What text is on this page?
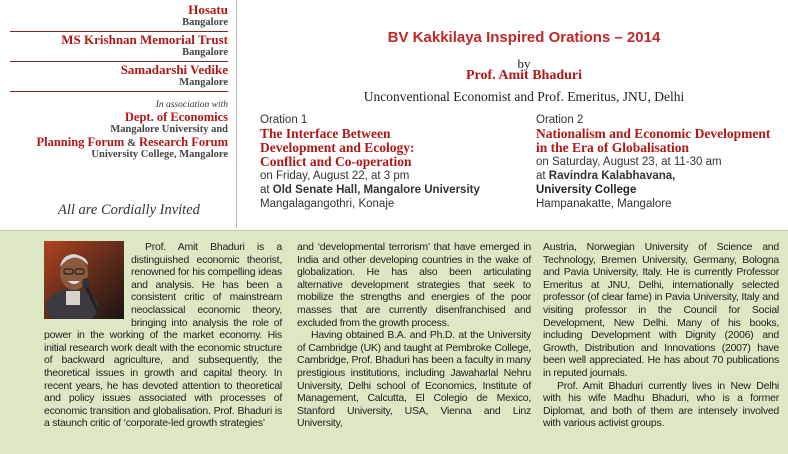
Hosatu
Bangalore
MS Krishnan Memorial Trust
Bangalore
Samadarshi Vedike
Mangalore
In association with
Dept. of Economics
Mangalore University and
Planning Forum & Research Forum
University College, Mangalore
All are Cordially Invited
BV Kakkilaya Inspired Orations – 2014
by
Prof. Amit Bhaduri
Unconventional Economist and Prof. Emeritus, JNU, Delhi
Oration 1
The Interface Between
Development and Ecology:
Conflict and Co-operation
on Friday, August 22, at 3 pm
at Old Senate Hall, Mangalore University
Mangalagangothri, Konaje
Oration 2
Nationalism and Economic Development
in the Era of Globalisation
on Saturday, August 23, at 11-30 am
at Ravindra Kalabhavana,
University College
Hampanakatte, Mangalore

Prof. Amit Bhaduri is a distinguished economic theorist, renowned for his compelling ideas and analysis. He has been a consistent critic of mainstream neoclassical economic theory, bringing into analysis the role of power in the working of the market economy. His initial research work dealt with the economic structure of backward agriculture, and subsequently, the theoretical issues in growth and capital theory. In recent years, he has devoted attention to theoretical and policy issues associated with processes of economic transition and globalisation. Prof. Bhaduri is a staunch critic of ‘corporate-led growth strategies’

and ‘developmental terrorism’ that have emerged in India and other developing countries in the wake of globalization. He has also been articulating alternative development strategies that seek to mobilize the strengths and energies of the poor masses that are currently disenfranchised and excluded from the growth process.

Having obtained B.A. and Ph.D. at the University of Cambridge (UK) and taught at Pembroke College, Cambridge, Prof. Bhaduri has been a faculty in many prestigious institutions, including Jawaharlal Nehru University, Delhi school of Economics, Institute of Management, Calcutta, El Colegio de Mexico, Stanford University, USA, Vienna and Linz University,

Austria, Norwegian University of Science and Technology, Bremen University, Germany, Bologna and Pavia University, Italy. He is currently Professor Emeritus at JNU, Delhi, internationally selected professor (of clear fame) in Pavia University, Italy and visiting professor in the Council for Social Development, New Delhi. Many of his books, including Development with Dignity (2006) and Growth, Distribution and Innovations (2007) have been well appreciated. He has about 70 publications in reputed journals.

Prof. Amit Bhaduri currently lives in New Delhi with his wife Madhu Bhaduri, who is a former Diplomat, and both of them are intensely involved with various activist groups.
